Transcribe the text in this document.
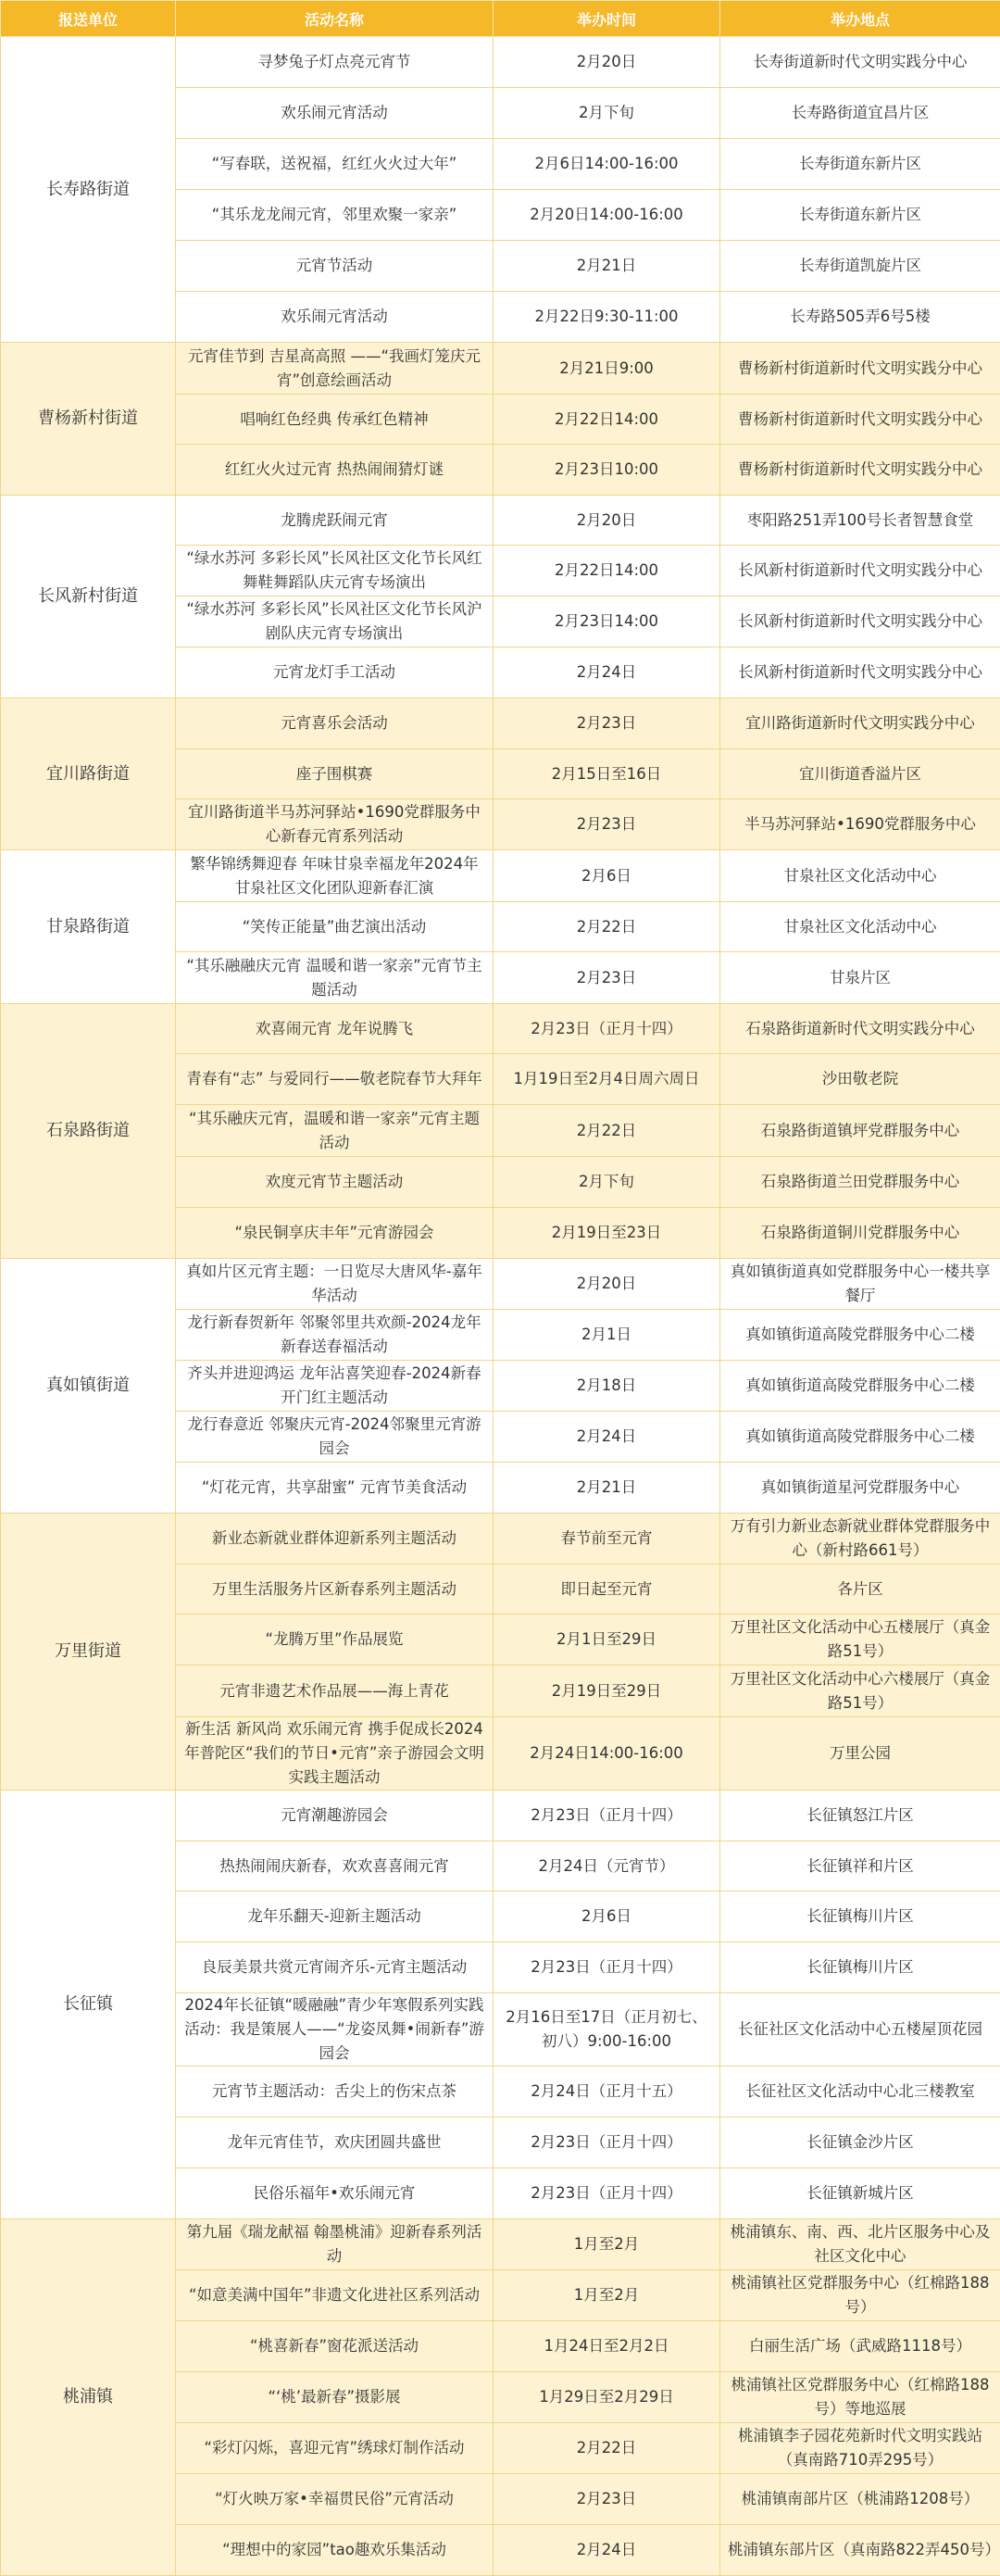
报送单位	活动名称	举办时间	举办地点
长寿路街道	寻梦兔子灯点亮元宵节	2月20日	长寿街道新时代文明实践分中心
	欢乐闹元宵活动	2月下旬	长寿路街道宜昌片区
	“写春联，送祝福，红红火火过大年”	2月6日14:00-16:00	长寿街道东新片区
	“其乐龙龙闹元宵，邻里欢聚一家亲”	2月20日14:00-16:00	长寿街道东新片区
	元宵节活动	2月21日	长寿街道凯旋片区
	欢乐闹元宵活动	2月22日9:30-11:00	长寿路505弄6号5楼
曹杨新村街道	元宵佳节到 吉星高高照 ——“我画灯笼庆元宵”创意绘画活动	2月21日9:00	曹杨新村街道新时代文明实践分中心
	唱响红色经典 传承红色精神	2月22日14:00	曹杨新村街道新时代文明实践分中心
	红红火火过元宵 热热闹闹猜灯谜	2月23日10:00	曹杨新村街道新时代文明实践分中心
长风新村街道	龙腾虎跃闹元宵	2月20日	枣阳路251弄100号长者智慧食堂
	“绿水苏河 多彩长风”长风社区文化节长风红舞鞋舞蹈队庆元宵专场演出	2月22日14:00	长风新村街道新时代文明实践分中心
	“绿水苏河 多彩长风”长风社区文化节长风沪剧队庆元宵专场演出	2月23日14:00	长风新村街道新时代文明实践分中心
	元宵龙灯手工活动	2月24日	长风新村街道新时代文明实践分中心
宜川路街道	元宵喜乐会活动	2月23日	宜川路街道新时代文明实践分中心
	座子围棋赛	2月15日至16日	宜川街道香溢片区
	宜川路街道半马苏河驿站•1690党群服务中心新春元宵系列活动	2月23日	半马苏河驿站•1690党群服务中心
甘泉路街道	繁华锦绣舞迎春 年味甘泉幸福龙年2024年甘泉社区文化团队迎新春汇演	2月6日	甘泉社区文化活动中心
	“笑传正能量”曲艺演出活动	2月22日	甘泉社区文化活动中心
	“其乐融融庆元宵 温暖和谐一家亲”元宵节主题活动	2月23日	甘泉片区
石泉路街道	欢喜闹元宵 龙年说腾飞	2月23日（正月十四）	石泉路街道新时代文明实践分中心
	青春有“志” 与爱同行——敬老院春节大拜年	1月19日至2月4日周六周日	沙田敬老院
	“其乐融庆元宵，温暖和谐一家亲”元宵主题活动	2月22日	石泉路街道镇坪党群服务中心
	欢度元宵节主题活动	2月下旬	石泉路街道兰田党群服务中心
	“泉民铜享庆丰年”元宵游园会	2月19日至23日	石泉路街道铜川党群服务中心
真如镇街道	真如片区元宵主题：一日览尽大唐风华-嘉年华活动	2月20日	真如镇街道真如党群服务中心一楼共享餐厅
	龙行新春贺新年 邻聚邻里共欢颜-2024龙年新春送春福活动	2月1日	真如镇街道高陵党群服务中心二楼
	齐头并进迎鸿运 龙年沾喜笑迎春-2024新春开门红主题活动	2月18日	真如镇街道高陵党群服务中心二楼
	龙行春意近 邻聚庆元宵-2024邻聚里元宵游园会	2月24日	真如镇街道高陵党群服务中心二楼
	“灯花元宵，共享甜蜜” 元宵节美食活动	2月21日	真如镇街道星河党群服务中心
万里街道	新业态新就业群体迎新系列主题活动	春节前至元宵	万有引力新业态新就业群体党群服务中心（新村路661号）
	万里生活服务片区新春系列主题活动	即日起至元宵	各片区
	“龙腾万里”作品展览	2月1日至29日	万里社区文化活动中心五楼展厅（真金路51号）
	元宵非遗艺术作品展——海上青花	2月19日至29日	万里社区文化活动中心六楼展厅（真金路51号）
	新生活 新风尚 欢乐闹元宵 携手促成长2024年普陀区“我们的节日•元宵”亲子游园会文明实践主题活动	2月24日14:00-16:00	万里公园
长征镇	元宵潮趣游园会	2月23日（正月十四）	长征镇怒江片区
	热热闹闹庆新春，欢欢喜喜闹元宵	2月24日（元宵节）	长征镇祥和片区
	龙年乐翻天-迎新主题活动	2月6日	长征镇梅川片区
	良辰美景共赏元宵闹齐乐-元宵主题活动	2月23日（正月十四）	长征镇梅川片区
	2024年长征镇“暖融融”青少年寒假系列实践活动：我是策展人——“龙姿凤舞•闹新春”游园会	2月16日至17日（正月初七、初八）9:00-16:00	长征社区文化活动中心五楼屋顶花园
	元宵节主题活动：舌尖上的伤宋点茶	2月24日（正月十五）	长征社区文化活动中心北三楼教室
	龙年元宵佳节，欢庆团圆共盛世	2月23日（正月十四）	长征镇金沙片区
	民俗乐福年•欢乐闹元宵	2月23日（正月十四）	长征镇新城片区
桃浦镇	第九届《瑞龙献福 翰墨桃浦》迎新春系列活动	1月至2月	桃浦镇东、南、西、北片区服务中心及社区文化中心
	“如意美满中国年”非遗文化进社区系列活动	1月至2月	桃浦镇社区党群服务中心（红棉路188号）
	“桃喜新春”窗花派送活动	1月24日至2月2日	白丽生活广场（武威路1118号）
	“‘桃’最新春”摄影展	1月29日至2月29日	桃浦镇社区党群服务中心（红棉路188号）等地巡展
	“彩灯闪烁，喜迎元宵”绣球灯制作活动	2月22日	桃浦镇李子园花苑新时代文明实践站（真南路710弄295号）
	“灯火映万家•幸福贯民俗”元宵活动	2月23日	桃浦镇南部片区（桃浦路1208号）
	“理想中的家园”tao趣欢乐集活动	2月24日	桃浦镇东部片区（真南路822弄450号）
